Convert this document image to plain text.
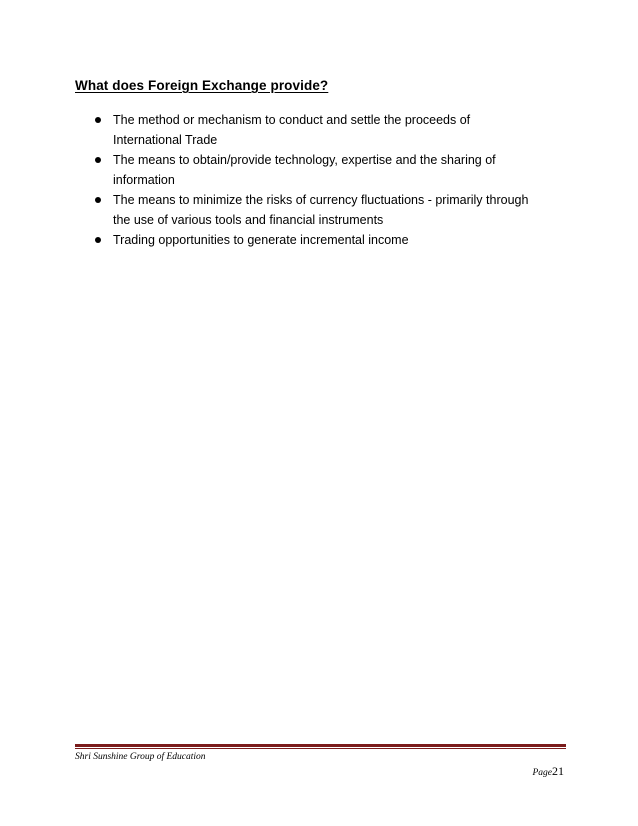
What does Foreign Exchange provide?
The method or mechanism to conduct and settle the proceeds of International Trade
The means to obtain/provide technology, expertise and the sharing of information
The means to minimize the risks of currency fluctuations - primarily through the use of various tools and financial instruments
Trading opportunities to generate incremental income
Shri Sunshine Group of Education
Page21
